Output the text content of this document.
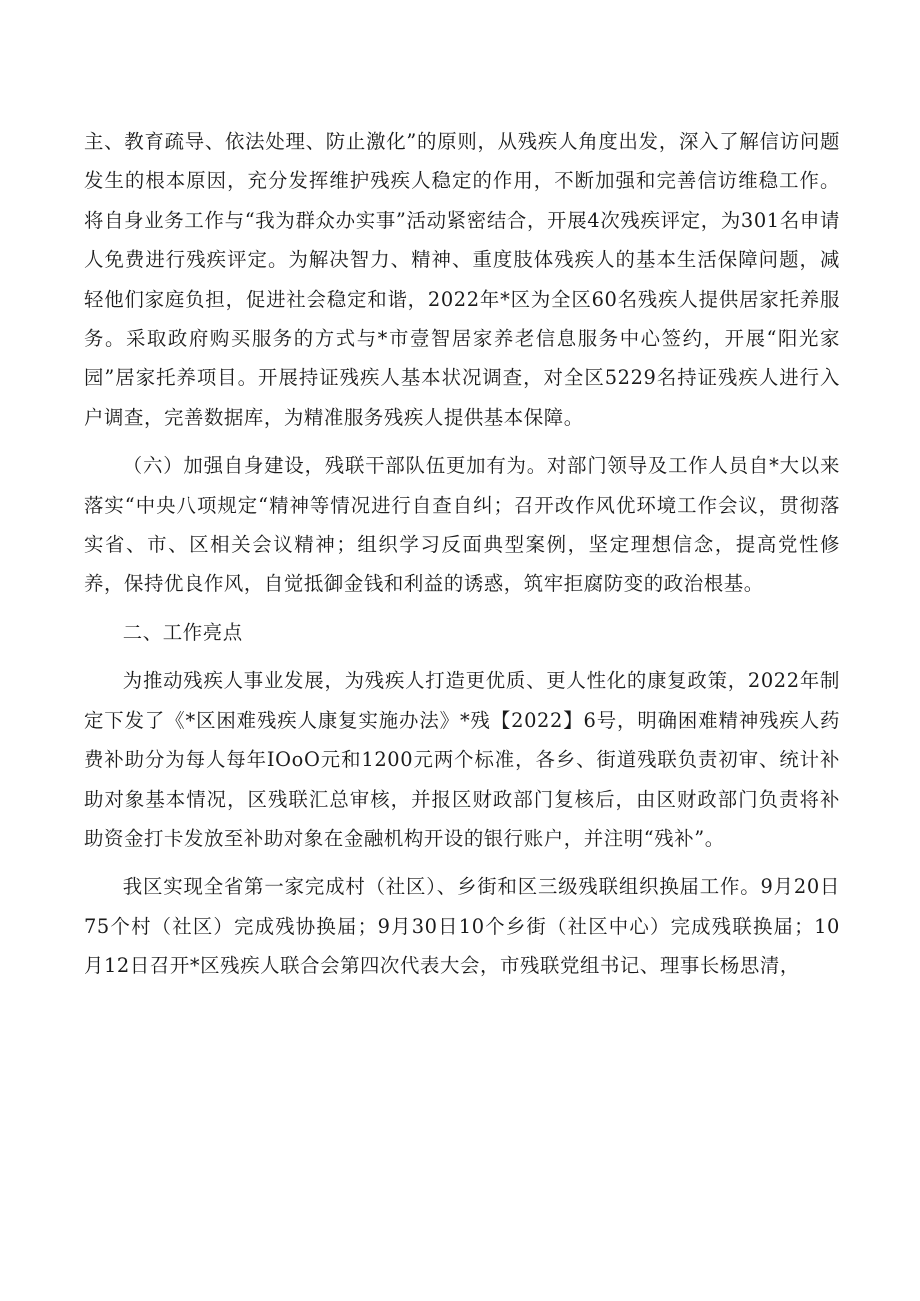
主、教育疏导、依法处理、防止激化”的原则，从残疾人角度出发，深入了解信访问题发生的根本原因，充分发挥维护残疾人稳定的作用，不断加强和完善信访维稳工作。将自身业务工作与“我为群众办实事”活动紧密结合，开展4次残疾评定，为301名申请人免费进行残疾评定。为解决智力、精神、重度肢体残疾人的基本生活保障问题，减轻他们家庭负担，促进社会稳定和谐，2022年*区为全区60名残疾人提供居家托养服务。采取政府购买服务的方式与*市壹智居家养老信息服务中心签约，开展“阳光家园”居家托养项目。开展持证残疾人基本状况调查，对全区5229名持证残疾人进行入户调查，完善数据库，为精准服务残疾人提供基本保障。

（六）加强自身建设，残联干部队伍更加有为。对部门领导及工作人员自*大以来落实“中央八项规定“精神等情况进行自查自纠；召开改作风优环境工作会议，贯彻落实省、市、区相关会议精神；组织学习反面典型案例，坚定理想信念，提高党性修养，保持优良作风，自觉抵御金钱和利益的诱惑，筑牢拒腐防变的政治根基。

二、工作亮点

为推动残疾人事业发展，为残疾人打造更优质、更人性化的康复政策，2022年制定下发了《*区困难残疾人康复实施办法》*残【2022】6号，明确困难精神残疾人药费补助分为每人每年IOoO元和1200元两个标准，各乡、街道残联负责初审、统计补助对象基本情况，区残联汇总审核，并报区财政部门复核后，由区财政部门负责将补助资金打卡发放至补助对象在金融机构开设的银行账户，并注明“残补”。

我区实现全省第一家完成村（社区）、乡街和区三级残联组织换届工作。9月20日75个村（社区）完成残协换届；9月30日10个乡街（社区中心）完成残联换届；10月12日召开*区残疾人联合会第四次代表大会，市残联党组书记、理事长杨思清，
